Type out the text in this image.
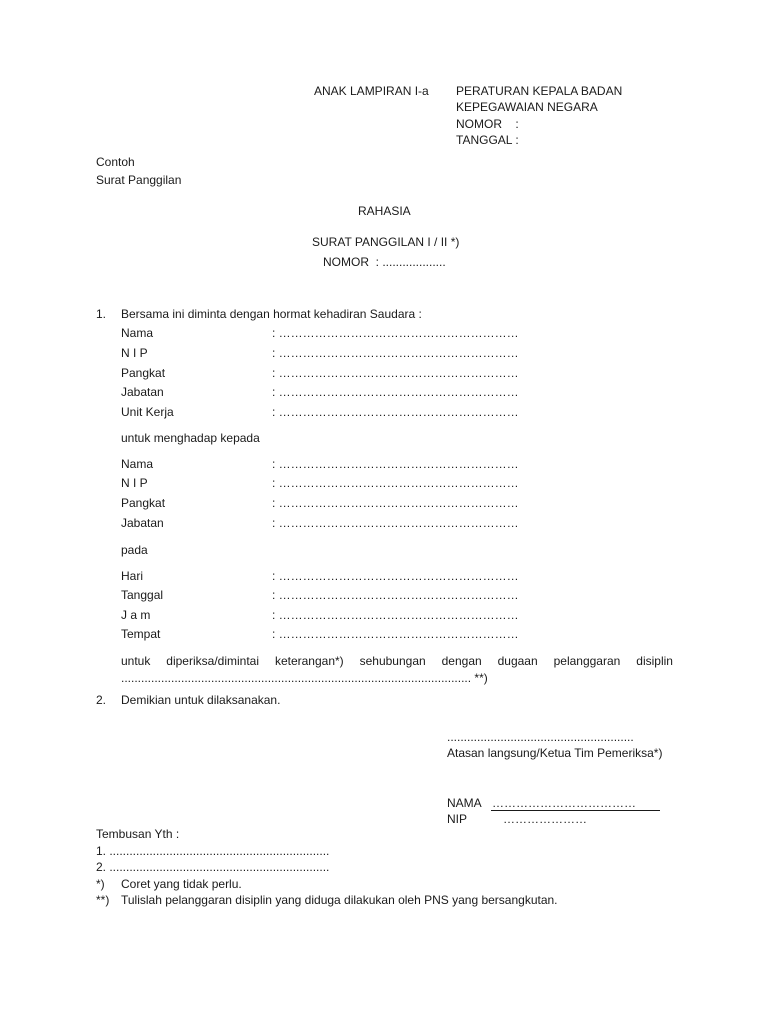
ANAK LAMPIRAN I-a PERATURAN KEPALA BADAN
KEPEGAWAIAN NEGARA
NOMOR    :
TANGGAL :
Contoh
Surat Panggilan
RAHASIA
SURAT PANGGILAN I / II *)
NOMOR  : ...................
1. Bersama ini diminta dengan hormat kehadiran Saudara :
Nama	: ……………………………………………………
N I P	: ……………………………………………………
Pangkat	: ……………………………………………………
Jabatan	: ……………………………………………………
Unit Kerja	: ……………………………………………………
untuk menghadap kepada
Nama	: ……………………………………………………
N I P	: ……………………………………………………
Pangkat	: ……………………………………………………
Jabatan	: ……………………………………………………
pada
Hari	: ……………………………………………………
Tanggal	: ……………………………………………………
J a m	: ……………………………………………………
Tempat	: ……………………………………………………
untuk diperiksa/dimintai keterangan*) sehubungan dengan dugaan pelanggaran disiplin
......................................................................................................... **)
2. Demikian untuk dilaksanakan.
........................................................
Atasan langsung/Ketua Tim Pemeriksa*)
NAMA ………………………………
NIP	…………………
Tembusan Yth :
1. ..................................................................
2. ..................................................................
*) Coret yang tidak perlu.
**) Tulislah pelanggaran disiplin yang diduga dilakukan oleh PNS yang bersangkutan.
